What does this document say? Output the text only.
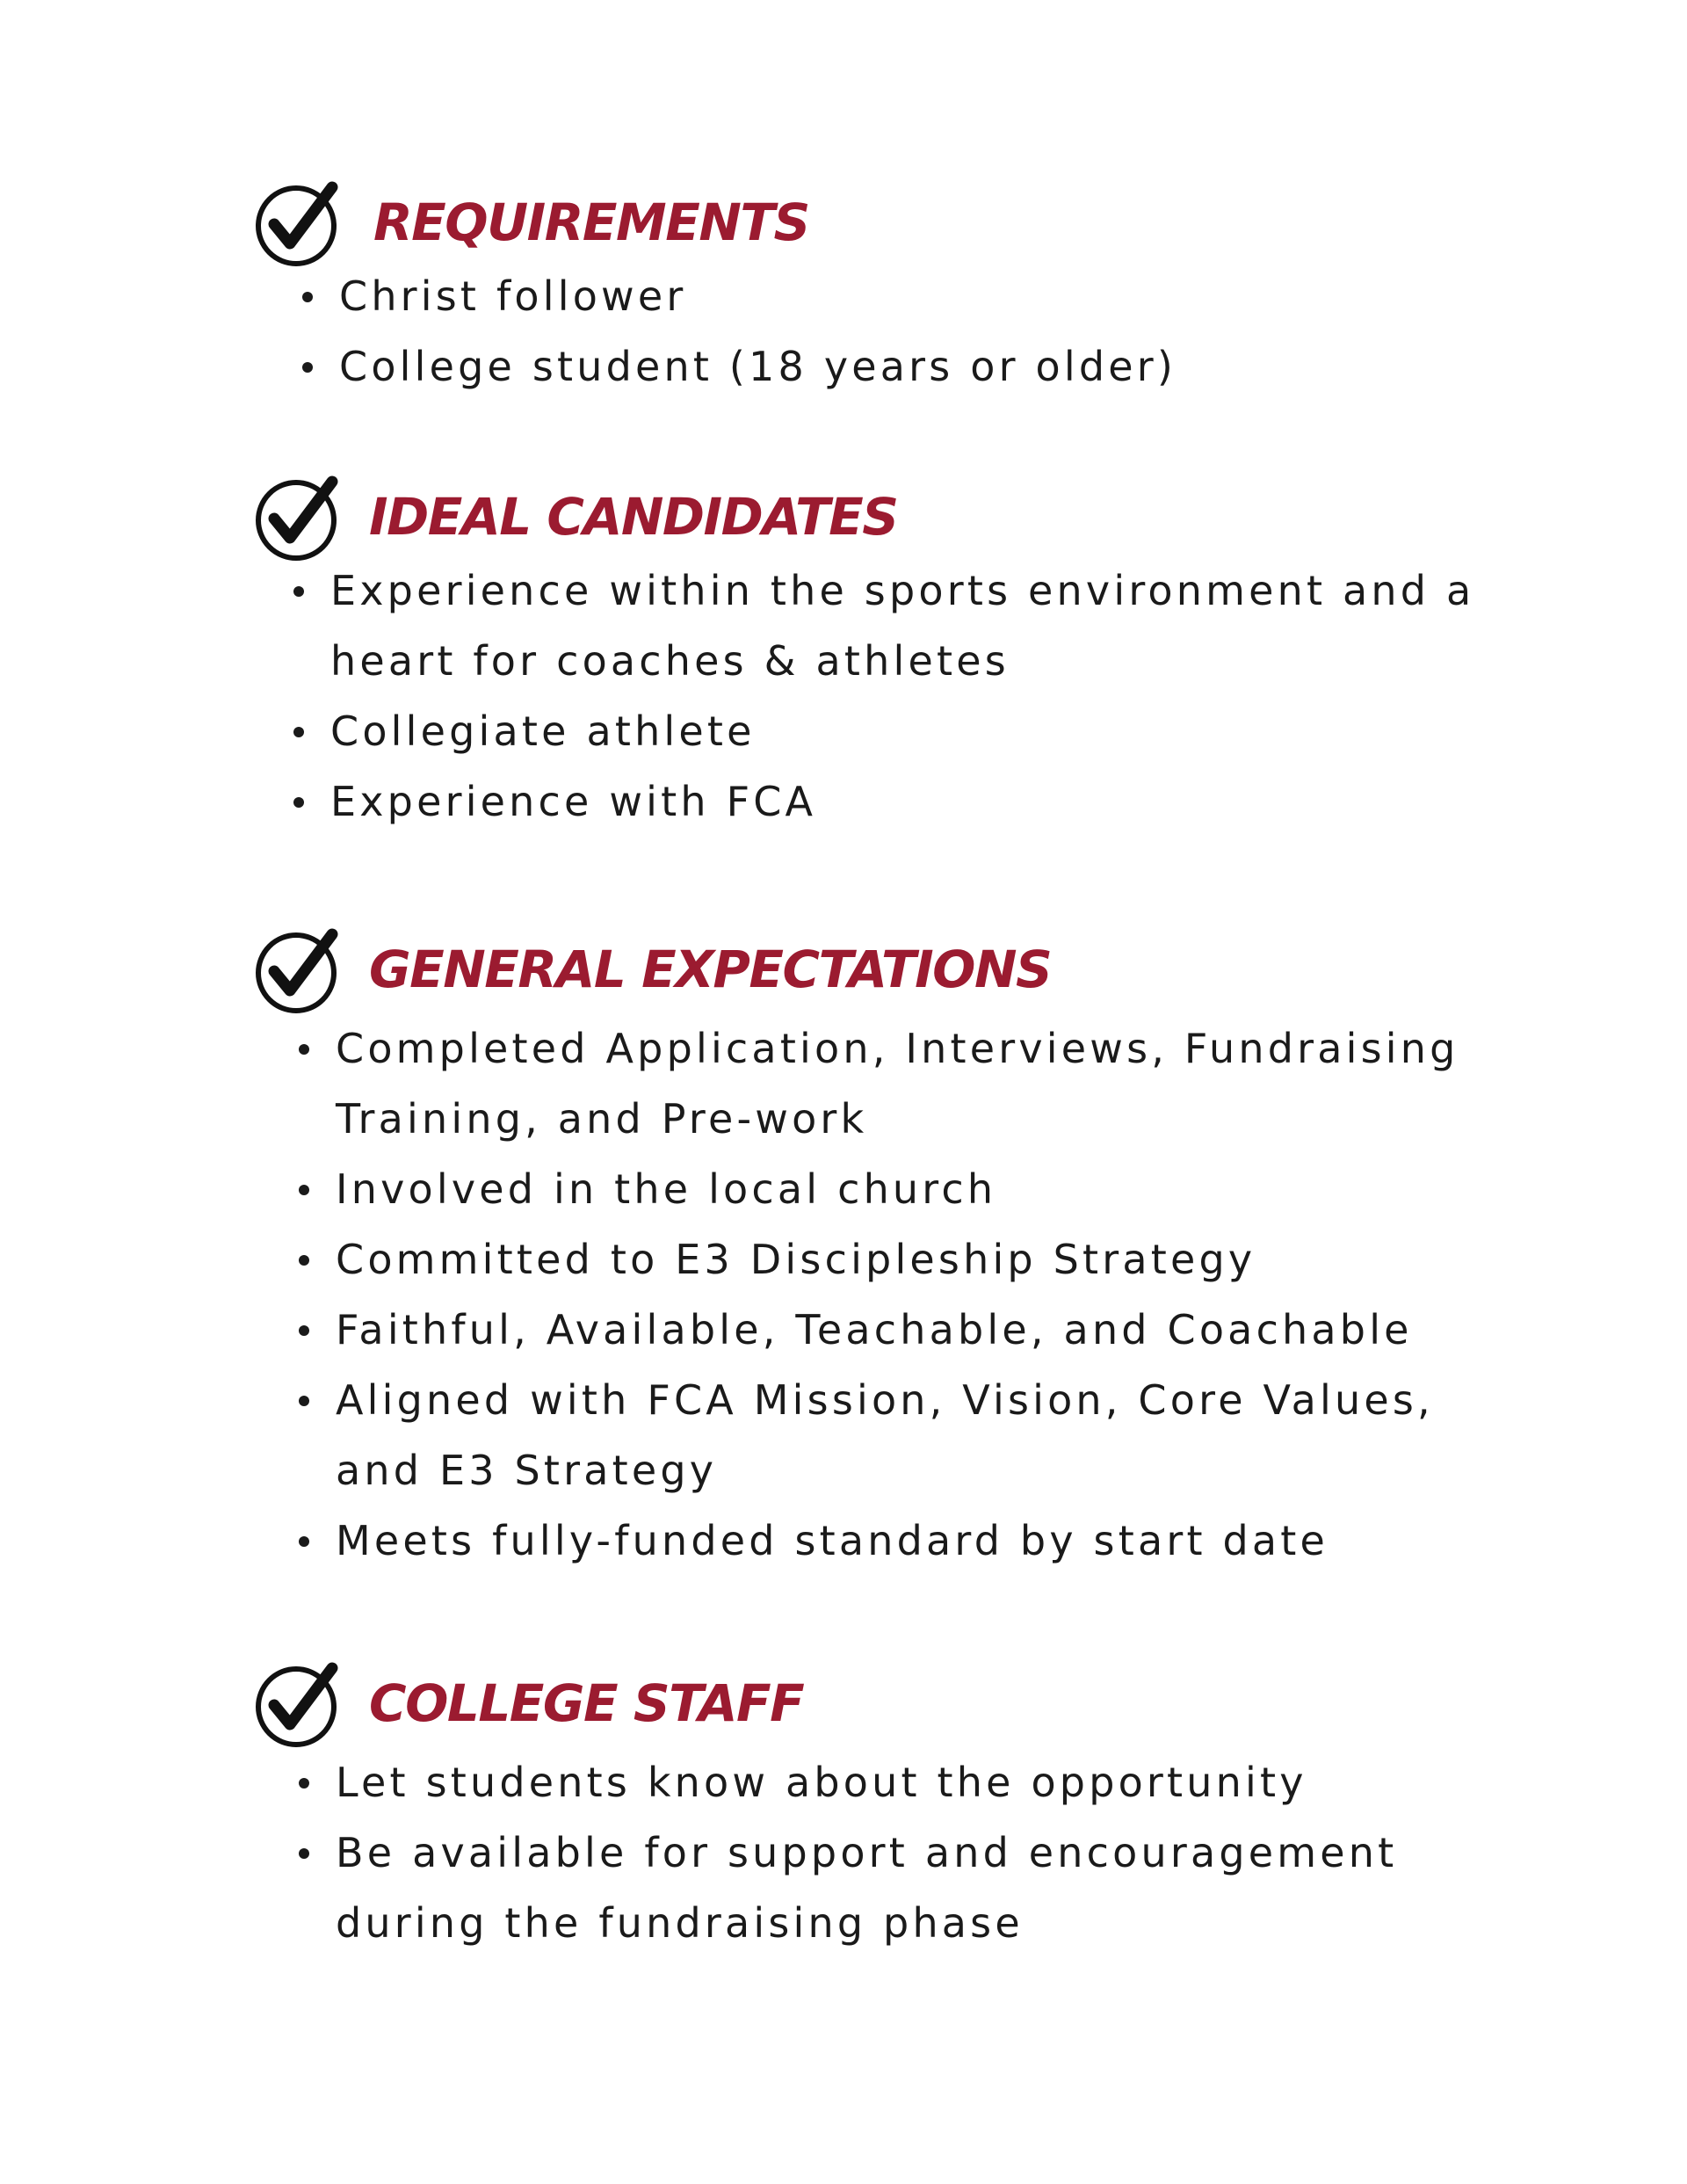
REQUIREMENTS
Christ follower
College student (18 years or older)
IDEAL CANDIDATES
Experience within the sports environment and a
heart for coaches & athletes
Collegiate athlete
Experience with FCA
GENERAL EXPECTATIONS
Completed Application, Interviews, Fundraising
Training, and Pre-work
Involved in the local church
Committed to E3 Discipleship Strategy
Faithful, Available, Teachable, and Coachable
Aligned with FCA Mission, Vision, Core Values,
and E3 Strategy
Meets fully-funded standard by start date
COLLEGE STAFF
Let students know about the opportunity
Be available for support and encouragement
during the fundraising phase
